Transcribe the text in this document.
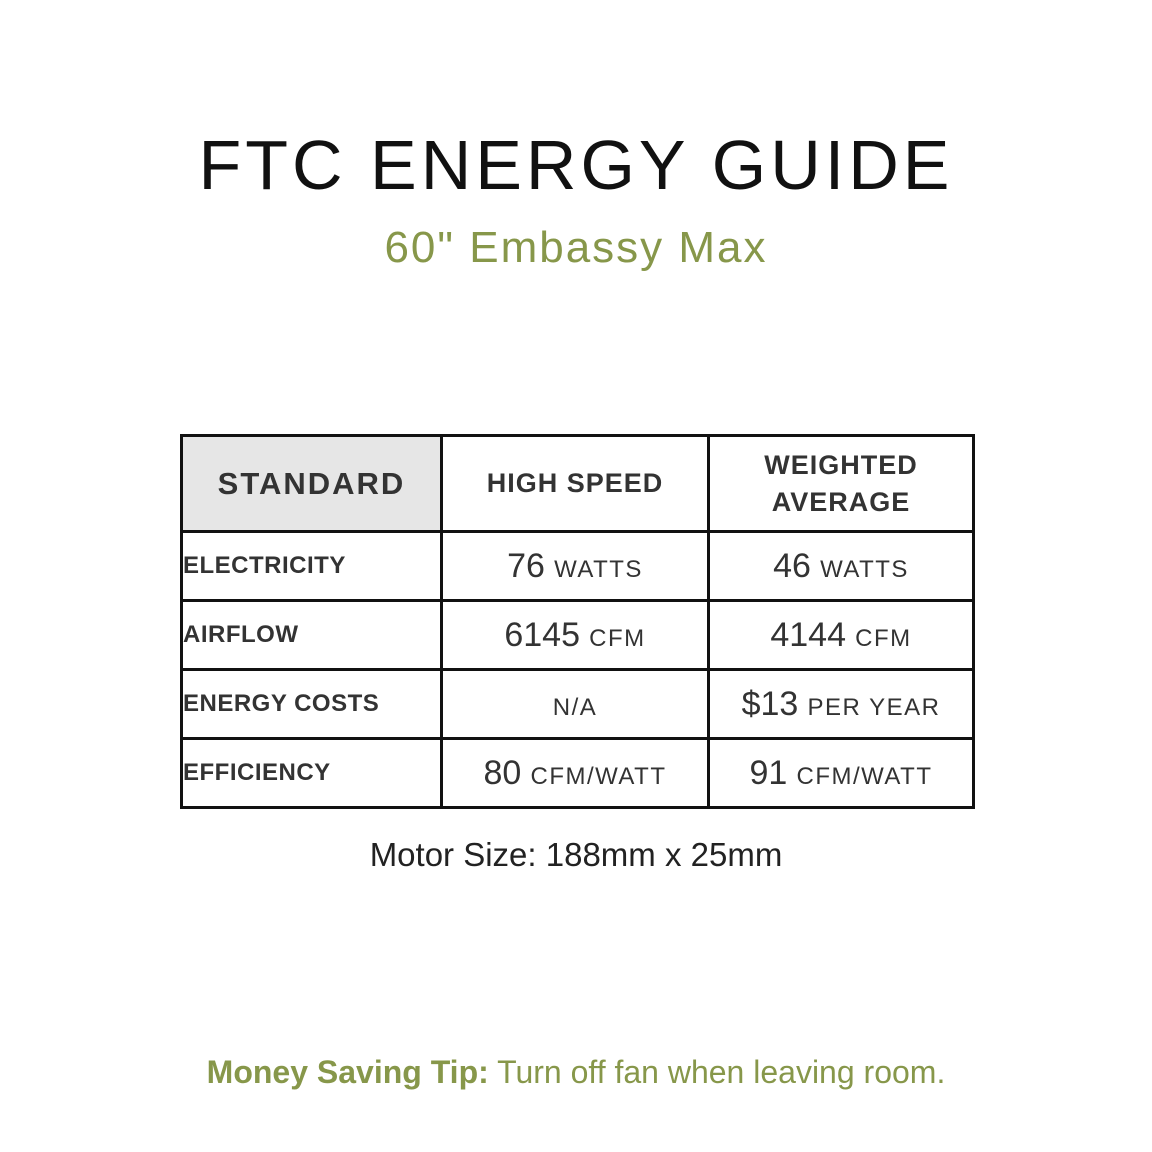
FTC ENERGY GUIDE
60" Embassy Max
STANDARD	HIGH SPEED	WEIGHTED
AVERAGE
ELECTRICITY	76 WATTS	46 WATTS
AIRFLOW	6145 CFM	4144 CFM
ENERGY COSTS	N/A	$13 PER YEAR
EFFICIENCY	80 CFM/WATT	91 CFM/WATT
Motor Size: 188mm x 25mm
Money Saving Tip: Turn off fan when leaving room.
